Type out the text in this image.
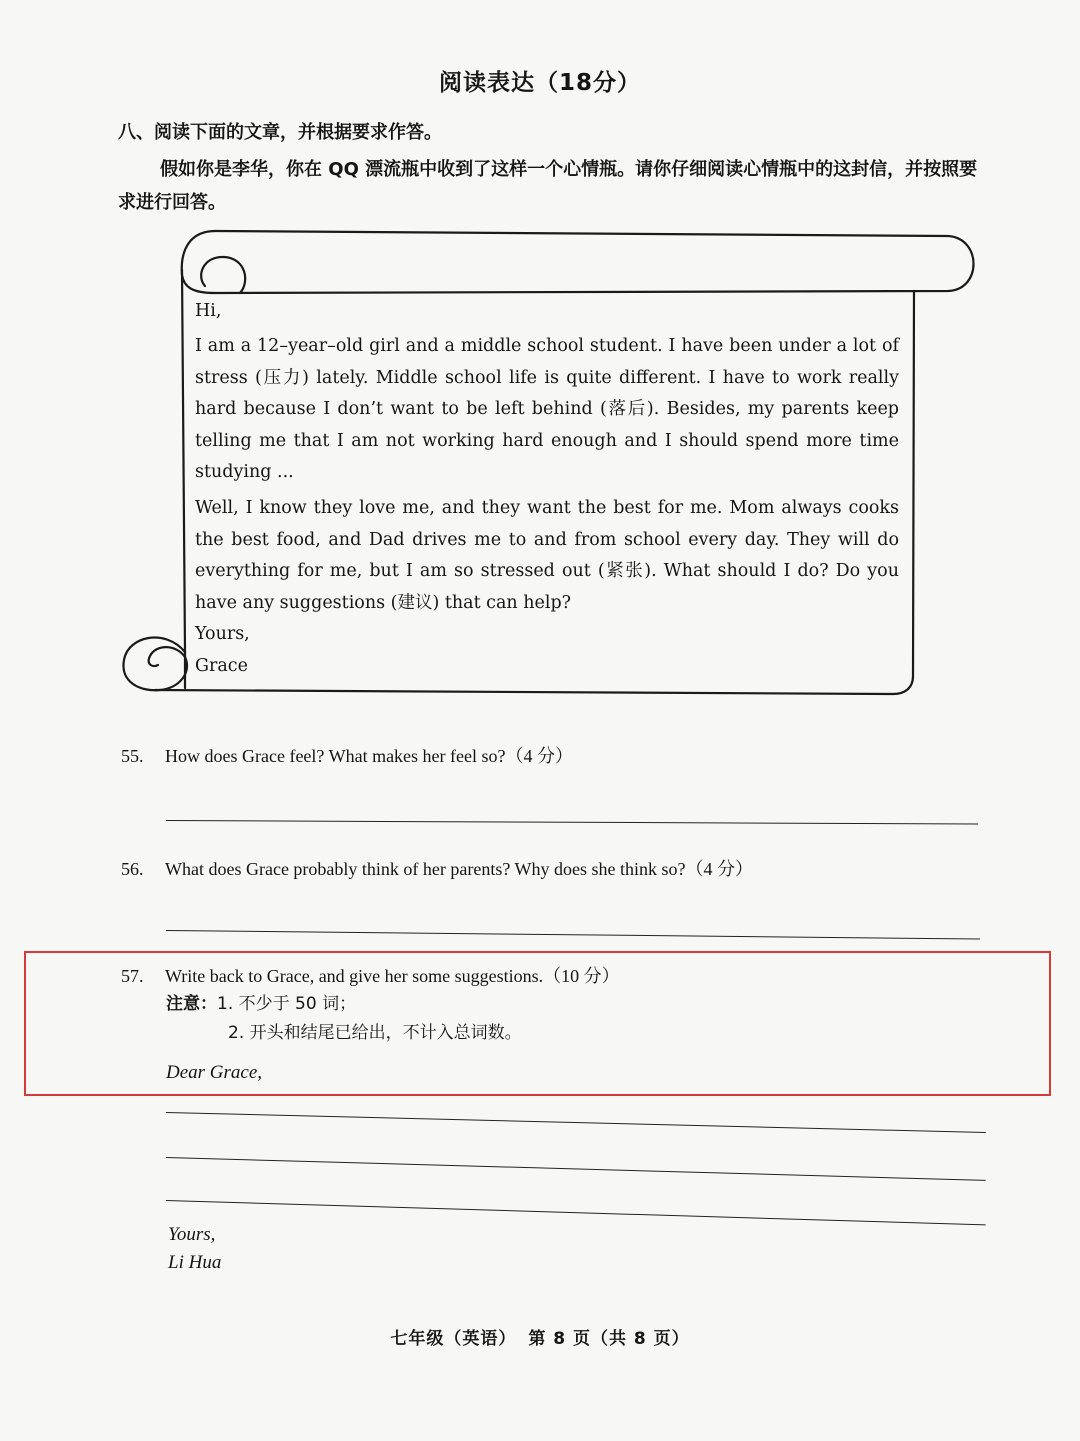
阅读表达（18分）
八、阅读下面的文章，并根据要求作答。
假如你是李华，你在 QQ 漂流瓶中收到了这样一个心情瓶。请你仔细阅读心情瓶中的这封信，并按照要求进行回答。
Hi,

I am a 12–year–old girl and a middle school student. I have been under a lot of stress (压力) lately. Middle school life is quite different. I have to work really hard because I don’t want to be left behind (落后). Besides, my parents keep telling me that I am not working hard enough and I should spend more time studying ...

Well, I know they love me, and they want the best for me. Mom always cooks the best food, and Dad drives me to and from school every day. They will do everything for me, but I am so stressed out (紧张). What should I do? Do you have any suggestions (建议) that can help?

Yours,
Grace
55. How does Grace feel? What makes her feel so?（4 分）
56. What does Grace probably think of her parents? Why does she think so?（4 分）
57. Write back to Grace, and give her some suggestions.（10 分）
注意：1. 不少于 50 词；
2. 开头和结尾已给出，不计入总词数。
Dear Grace,
Yours,
Li Hua
七年级（英语） 第 8 页（共 8 页）
